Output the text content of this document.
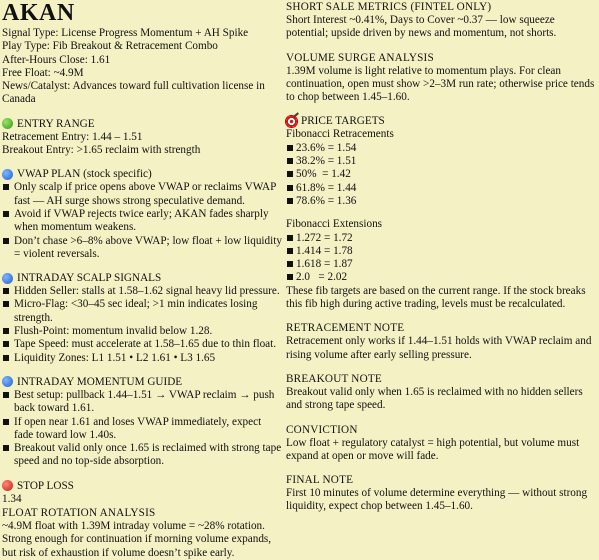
AKAN
Signal Type: License Progress Momentum + AH Spike
Play Type: Fib Breakout & Retracement Combo
After-Hours Close: 1.61
Free Float: ~4.9M
News/Catalyst: Advances toward full cultivation license in Canada
ENTRY RANGE
Retracement Entry: 1.44 – 1.51
Breakout Entry: >1.65 reclaim with strength
VWAP PLAN (stock specific)
Only scalp if price opens above VWAP or reclaims VWAP fast — AH surge shows strong speculative demand.
Avoid if VWAP rejects twice early; AKAN fades sharply when momentum weakens.
Don’t chase >6–8% above VWAP; low float + low liquidity = violent reversals.
INTRADAY SCALP SIGNALS
Hidden Seller: stalls at 1.58–1.62 signal heavy lid pressure.
Micro-Flag: <30–45 sec ideal; >1 min indicates losing strength.
Flush-Point: momentum invalid below 1.28.
Tape Speed: must accelerate at 1.58–1.65 due to thin float.
Liquidity Zones: L1 1.51 • L2 1.61 • L3 1.65
INTRADAY MOMENTUM GUIDE
Best setup: pullback 1.44–1.51 → VWAP reclaim → push back toward 1.61.
If open near 1.61 and loses VWAP immediately, expect fade toward low 1.40s.
Breakout valid only once 1.65 is reclaimed with strong tape speed and no top-side absorption.
STOP LOSS
1.34
FLOAT ROTATION ANALYSIS
~4.9M float with 1.39M intraday volume = ~28% rotation. Strong enough for continuation if morning volume expands, but risk of exhaustion if volume doesn’t spike early.
SHORT SALE METRICS (FINTEL ONLY)
Short Interest ~0.41%, Days to Cover ~0.37 — low squeeze potential; upside driven by news and momentum, not shorts.
VOLUME SURGE ANALYSIS
1.39M volume is light relative to momentum plays. For clean continuation, open must show >2–3M run rate; otherwise price tends to chop between 1.45–1.60.
PRICE TARGETS
Fibonacci Retracements
23.6% = 1.54
38.2% = 1.51
50%  = 1.42
61.8% = 1.44
78.6% = 1.36
Fibonacci Extensions
1.272 = 1.72
1.414 = 1.78
1.618 = 1.87
2.0   = 2.02
These fib targets are based on the current range. If the stock breaks this fib high during active trading, levels must be recalculated.
RETRACEMENT NOTE
Retracement only works if 1.44–1.51 holds with VWAP reclaim and rising volume after early selling pressure.
BREAKOUT NOTE
Breakout valid only when 1.65 is reclaimed with no hidden sellers and strong tape speed.
CONVICTION
Low float + regulatory catalyst = high potential, but volume must expand at open or move will fade.
FINAL NOTE
First 10 minutes of volume determine everything — without strong liquidity, expect chop between 1.45–1.60.
